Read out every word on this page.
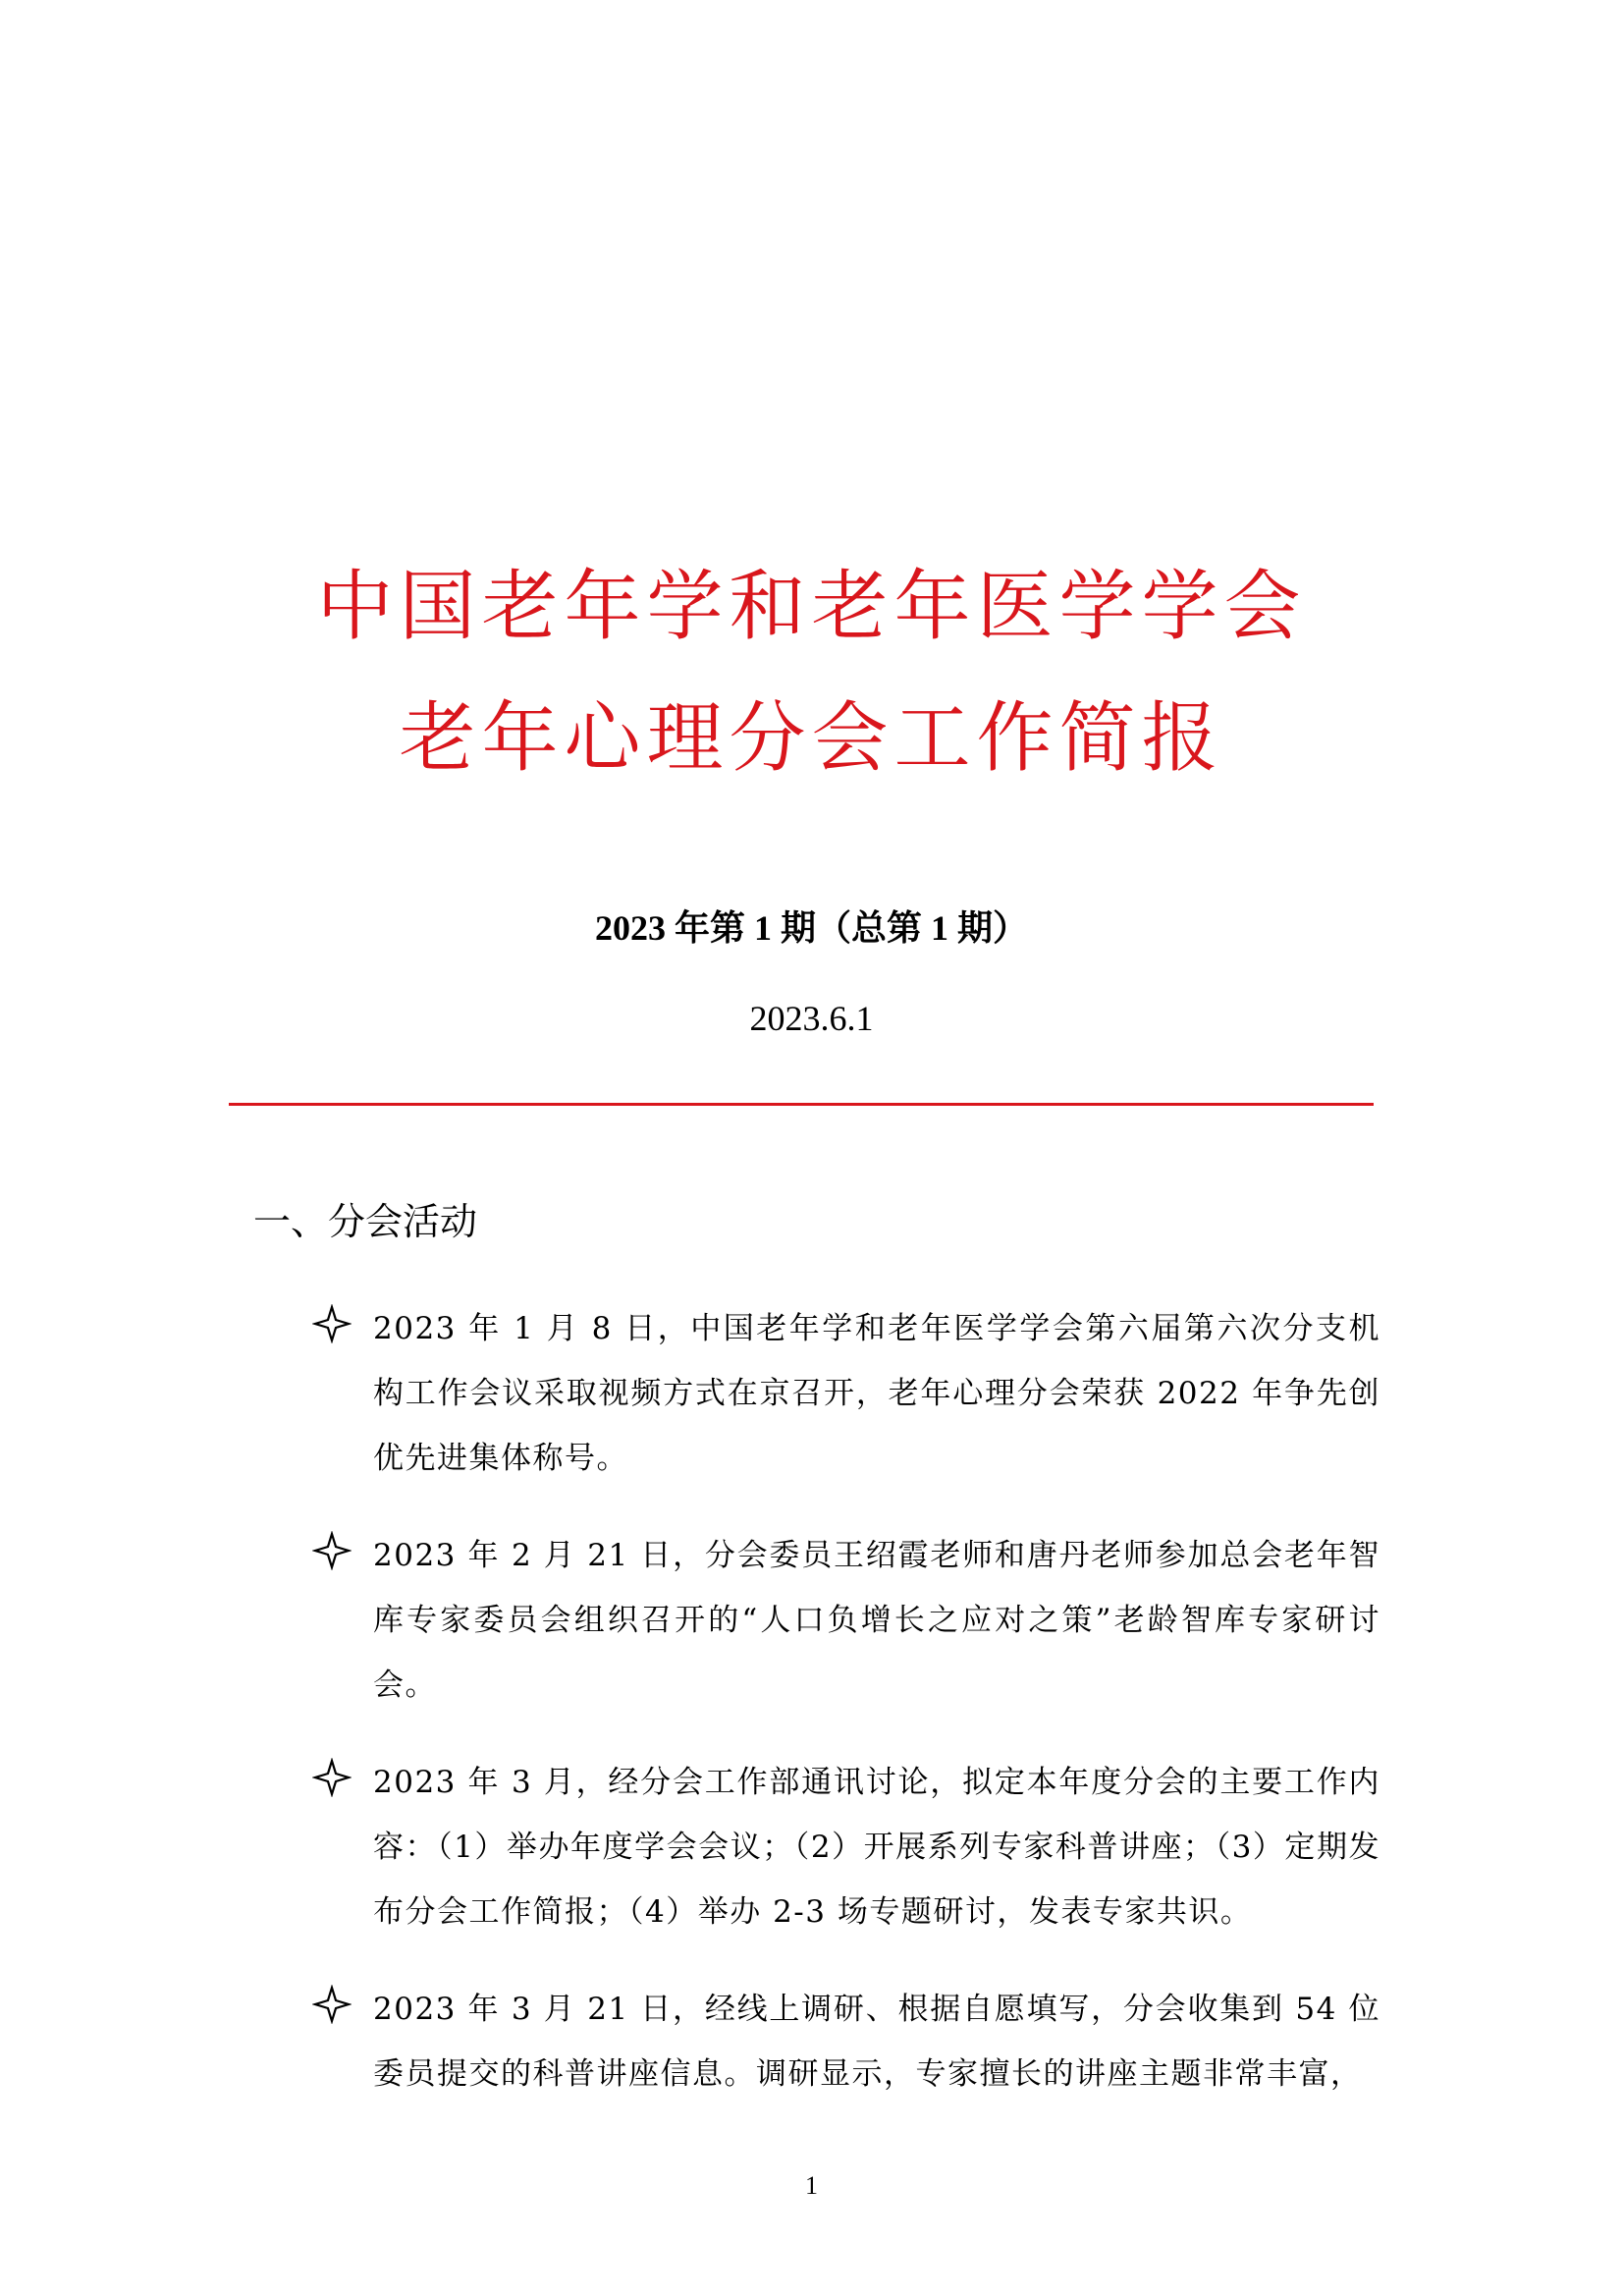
中国老年学和老年医学学会
老年心理分会工作简报
2023 年第 1 期（总第 1 期）
2023.6.1
一、分会活动
2023 年 1 月 8 日，中国老年学和老年医学学会第六届第六次分支机构工作会议采取视频方式在京召开，老年心理分会荣获 2022 年争先创优先进集体称号。
2023 年 2 月 21 日，分会委员王绍霞老师和唐丹老师参加总会老年智库专家委员会组织召开的“人口负增长之应对之策”老龄智库专家研讨会。
2023 年 3 月，经分会工作部通讯讨论，拟定本年度分会的主要工作内容：（1）举办年度学会会议；（2）开展系列专家科普讲座；（3）定期发布分会工作简报；（4）举办 2-3 场专题研讨，发表专家共识。
2023 年 3 月 21 日，经线上调研、根据自愿填写，分会收集到 54 位委员提交的科普讲座信息。调研显示，专家擅长的讲座主题非常丰富，
1
